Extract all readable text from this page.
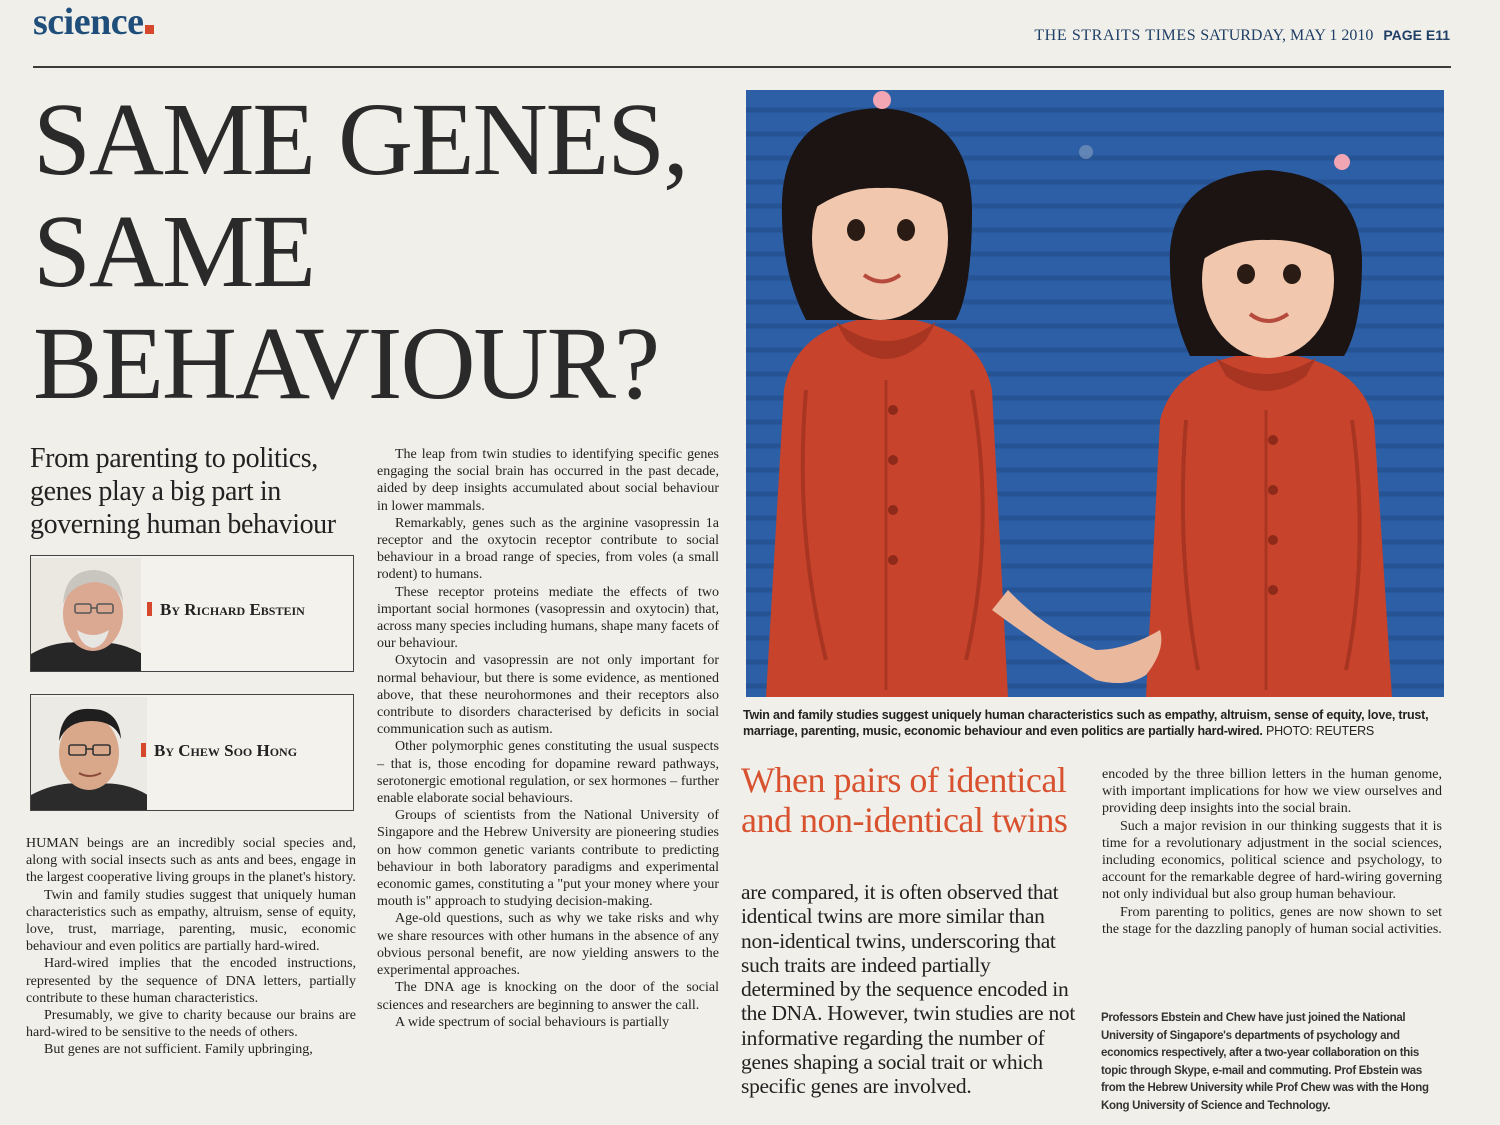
science	THE STRAITS TIMES SATURDAY, MAY 1 2010 PAGE E11
SAME GENES,
SAME
BEHAVIOUR?
From parenting to politics, genes play a big part in governing human behaviour
By Richard Ebstein
By Chew Soo Hong

HUMAN beings are an incredibly social species and, along with social insects such as ants and bees, engage in the largest cooperative living groups in the planet's history.

Twin and family studies suggest that uniquely human characteristics such as empathy, altruism, sense of equity, love, trust, marriage, parenting, music, economic behaviour and even politics are partially hard-wired.

Hard-wired implies that the encoded instructions, represented by the sequence of DNA letters, partially contribute to these human characteristics.

Presumably, we give to charity because our brains are hard-wired to be sensitive to the needs of others.

But genes are not sufficient. Family upbringing,

The leap from twin studies to identifying specific genes engaging the social brain has occurred in the past decade, aided by deep insights accumulated about social behaviour in lower mammals.

Remarkably, genes such as the arginine vasopressin 1a receptor and the oxytocin receptor contribute to social behaviour in a broad range of species, from voles (a small rodent) to humans.

These receptor proteins mediate the effects of two important social hormones (vasopressin and oxytocin) that, across many species including humans, shape many facets of our behaviour.

Oxytocin and vasopressin are not only important for normal behaviour, but there is some evidence, as mentioned above, that these neurohormones and their receptors also contribute to disorders characterised by deficits in social communication such as autism.

Other polymorphic genes constituting the usual suspects – that is, those encoding for dopamine reward pathways, serotonergic emotional regulation, or sex hormones – further enable elaborate social behaviours.

Groups of scientists from the National University of Singapore and the Hebrew University are pioneering studies on how common genetic variants contribute to predicting behaviour in both laboratory paradigms and experimental economic games, constituting a "put your money where your mouth is" approach to studying decision-making.

Age-old questions, such as why we take risks and why we share resources with other humans in the absence of any obvious personal benefit, are now yielding answers to the experimental approaches.

The DNA age is knocking on the door of the social sciences and researchers are beginning to answer the call.

A wide spectrum of social behaviours is partially

Twin and family studies suggest uniquely human characteristics such as empathy, altruism, sense of equity, love, trust, marriage, parenting, music, economic behaviour and even politics are partially hard-wired. PHOTO: REUTERS
When pairs of identical and non-identical twins
are compared, it is often observed that identical twins are more similar than non-identical twins, underscoring that such traits are indeed partially determined by the sequence encoded in the DNA. However, twin studies are not informative regarding the number of genes shaping a social trait or which specific genes are involved.

encoded by the three billion letters in the human genome, with important implications for how we view ourselves and providing deep insights into the social brain.

Such a major revision in our thinking suggests that it is time for a revolutionary adjustment in the social sciences, including economics, political science and psychology, to account for the remarkable degree of hard-wiring governing not only individual but also group human behaviour.

From parenting to politics, genes are now shown to set the stage for the dazzling panoply of human social activities.

Professors Ebstein and Chew have just joined the National University of Singapore's departments of psychology and economics respectively, after a two-year collaboration on this topic through Skype, e-mail and commuting. Prof Ebstein was from the Hebrew University while Prof Chew was with the Hong Kong University of Science and Technology.
